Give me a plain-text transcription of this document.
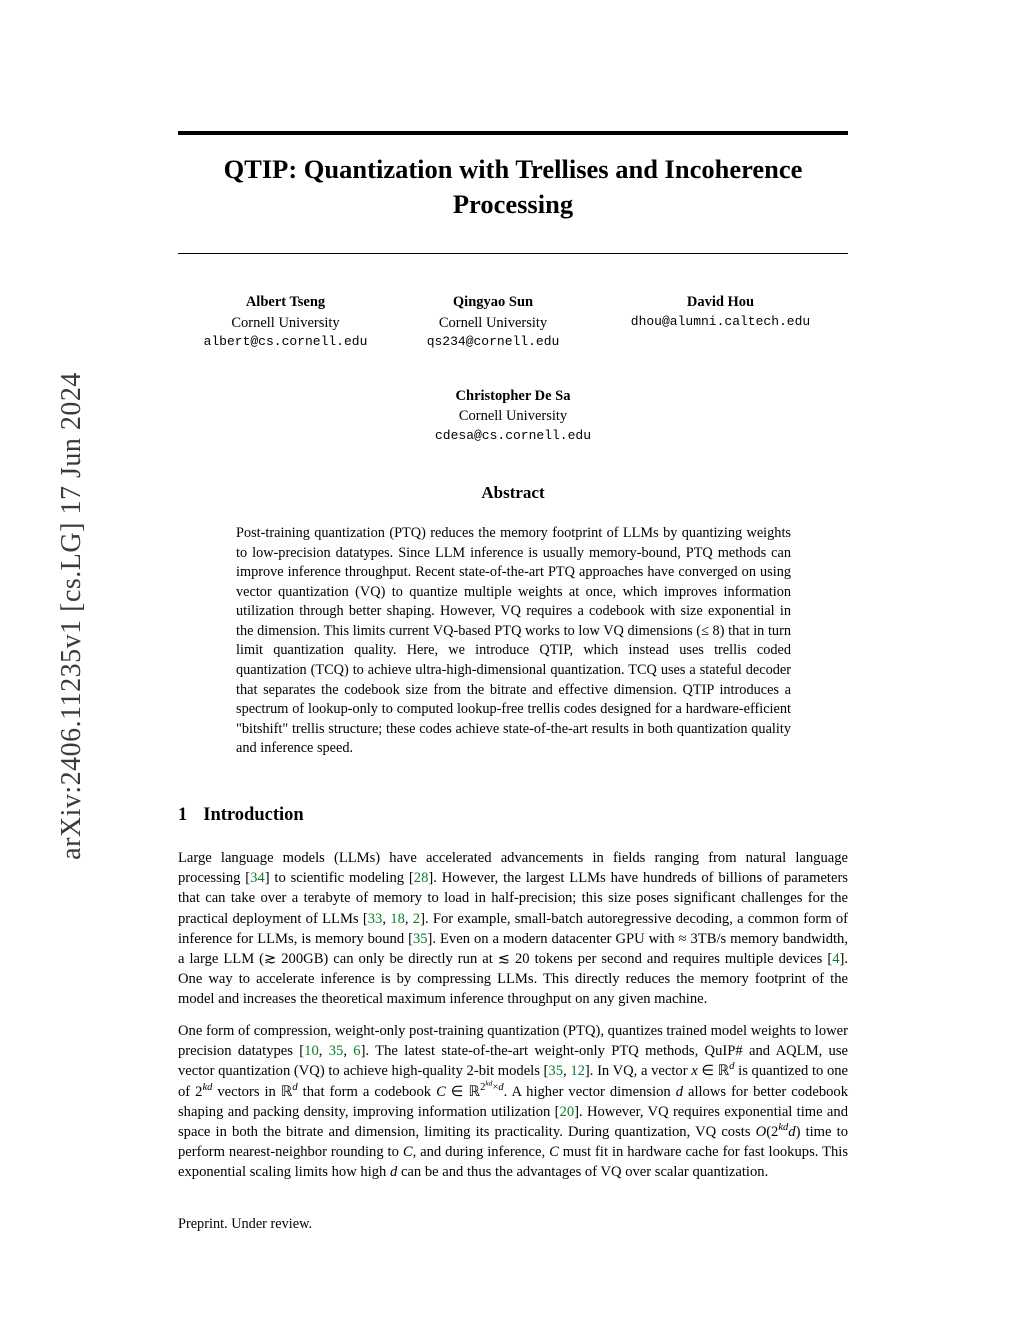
arXiv:2406.11235v1 [cs.LG] 17 Jun 2024
QTIP: Quantization with Trellises and Incoherence Processing
Albert Tseng
Cornell University
albert@cs.cornell.edu
Qingyao Sun
Cornell University
qs234@cornell.edu
David Hou
dhou@alumni.caltech.edu
Christopher De Sa
Cornell University
cdesa@cs.cornell.edu
Abstract
Post-training quantization (PTQ) reduces the memory footprint of LLMs by quantizing weights to low-precision datatypes. Since LLM inference is usually memory-bound, PTQ methods can improve inference throughput. Recent state-of-the-art PTQ approaches have converged on using vector quantization (VQ) to quantize multiple weights at once, which improves information utilization through better shaping. However, VQ requires a codebook with size exponential in the dimension. This limits current VQ-based PTQ works to low VQ dimensions (≤ 8) that in turn limit quantization quality. Here, we introduce QTIP, which instead uses trellis coded quantization (TCQ) to achieve ultra-high-dimensional quantization. TCQ uses a stateful decoder that separates the codebook size from the bitrate and effective dimension. QTIP introduces a spectrum of lookup-only to computed lookup-free trellis codes designed for a hardware-efficient "bitshift" trellis structure; these codes achieve state-of-the-art results in both quantization quality and inference speed.
1 Introduction
Large language models (LLMs) have accelerated advancements in fields ranging from natural language processing [34] to scientific modeling [28]. However, the largest LLMs have hundreds of billions of parameters that can take over a terabyte of memory to load in half-precision; this size poses significant challenges for the practical deployment of LLMs [33, 18, 2]. For example, small-batch autoregressive decoding, a common form of inference for LLMs, is memory bound [35]. Even on a modern datacenter GPU with ≈ 3TB/s memory bandwidth, a large LLM (≳ 200GB) can only be directly run at ≲ 20 tokens per second and requires multiple devices [4]. One way to accelerate inference is by compressing LLMs. This directly reduces the memory footprint of the model and increases the theoretical maximum inference throughput on any given machine.
One form of compression, weight-only post-training quantization (PTQ), quantizes trained model weights to lower precision datatypes [10, 35, 6]. The latest state-of-the-art weight-only PTQ methods, QuIP# and AQLM, use vector quantization (VQ) to achieve high-quality 2-bit models [35, 12]. In VQ, a vector x ∈ ℝ$^d$ is quantized to one of $2^{kd}$ vectors in ℝ$^d$ that form a codebook C ∈ ℝ$^{2^{kd}\times d}$. A higher vector dimension d allows for better codebook shaping and packing density, improving information utilization [20]. However, VQ requires exponential time and space in both the bitrate and dimension, limiting its practicality. During quantization, VQ costs $O(2^{kd}d)$ time to perform nearest-neighbor rounding to C, and during inference, C must fit in hardware cache for fast lookups. This exponential scaling limits how high d can be and thus the advantages of VQ over scalar quantization.
Preprint. Under review.
